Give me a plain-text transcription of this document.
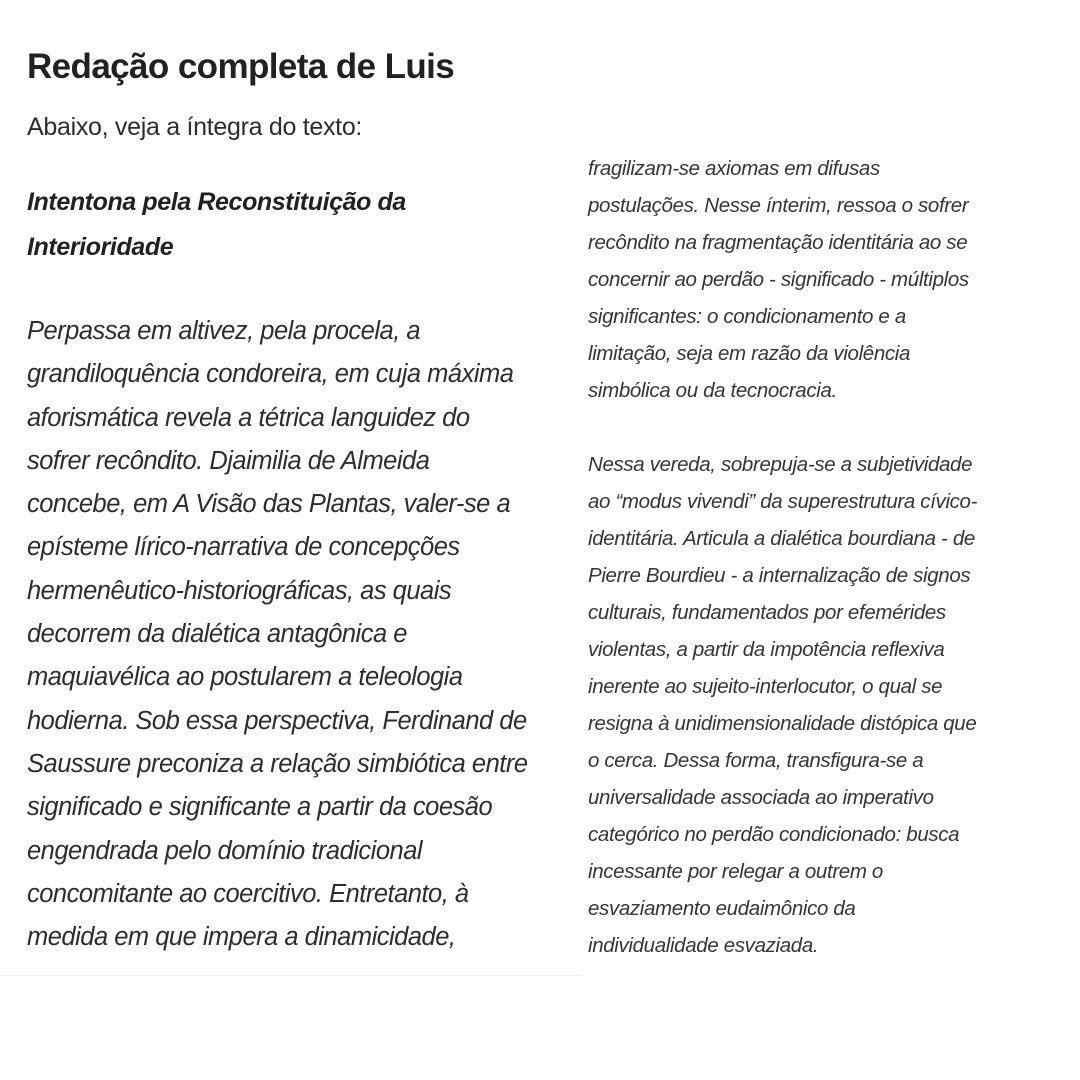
Redação completa de Luis

Abaixo, veja a íntegra do texto:

Intentona pela Reconstituição da
Interioridade

Perpassa em altivez, pela procela, a
grandiloquência condoreira, em cuja máxima
aforismática revela a tétrica languidez do
sofrer recôndito. Djaimilia de Almeida
concebe, em A Visão das Plantas, valer-se a
epísteme lírico-narrativa de concepções
hermenêutico-historiográficas, as quais
decorrem da dialética antagônica e
maquiavélica ao postularem a teleologia
hodierna. Sob essa perspectiva, Ferdinand de
Saussure preconiza a relação simbiótica entre
significado e significante a partir da coesão
engendrada pelo domínio tradicional
concomitante ao coercitivo. Entretanto, à
medida em que impera a dinamicidade,

fragilizam-se axiomas em difusas
postulações. Nesse ínterim, ressoa o sofrer
recôndito na fragmentação identitária ao se
concernir ao perdão - significado - múltiplos
significantes: o condicionamento e a
limitação, seja em razão da violência
simbólica ou da tecnocracia.

Nessa vereda, sobrepuja-se a subjetividade
ao “modus vivendi” da superestrutura cívico-
identitária. Articula a dialética bourdiana - de
Pierre Bourdieu - a internalização de signos
culturais, fundamentados por efemérides
violentas, a partir da impotência reflexiva
inerente ao sujeito-interlocutor, o qual se
resigna à unidimensionalidade distópica que
o cerca. Dessa forma, transfigura-se a
universalidade associada ao imperativo
categórico no perdão condicionado: busca
incessante por relegar a outrem o
esvaziamento eudaimônico da
individualidade esvaziada.
